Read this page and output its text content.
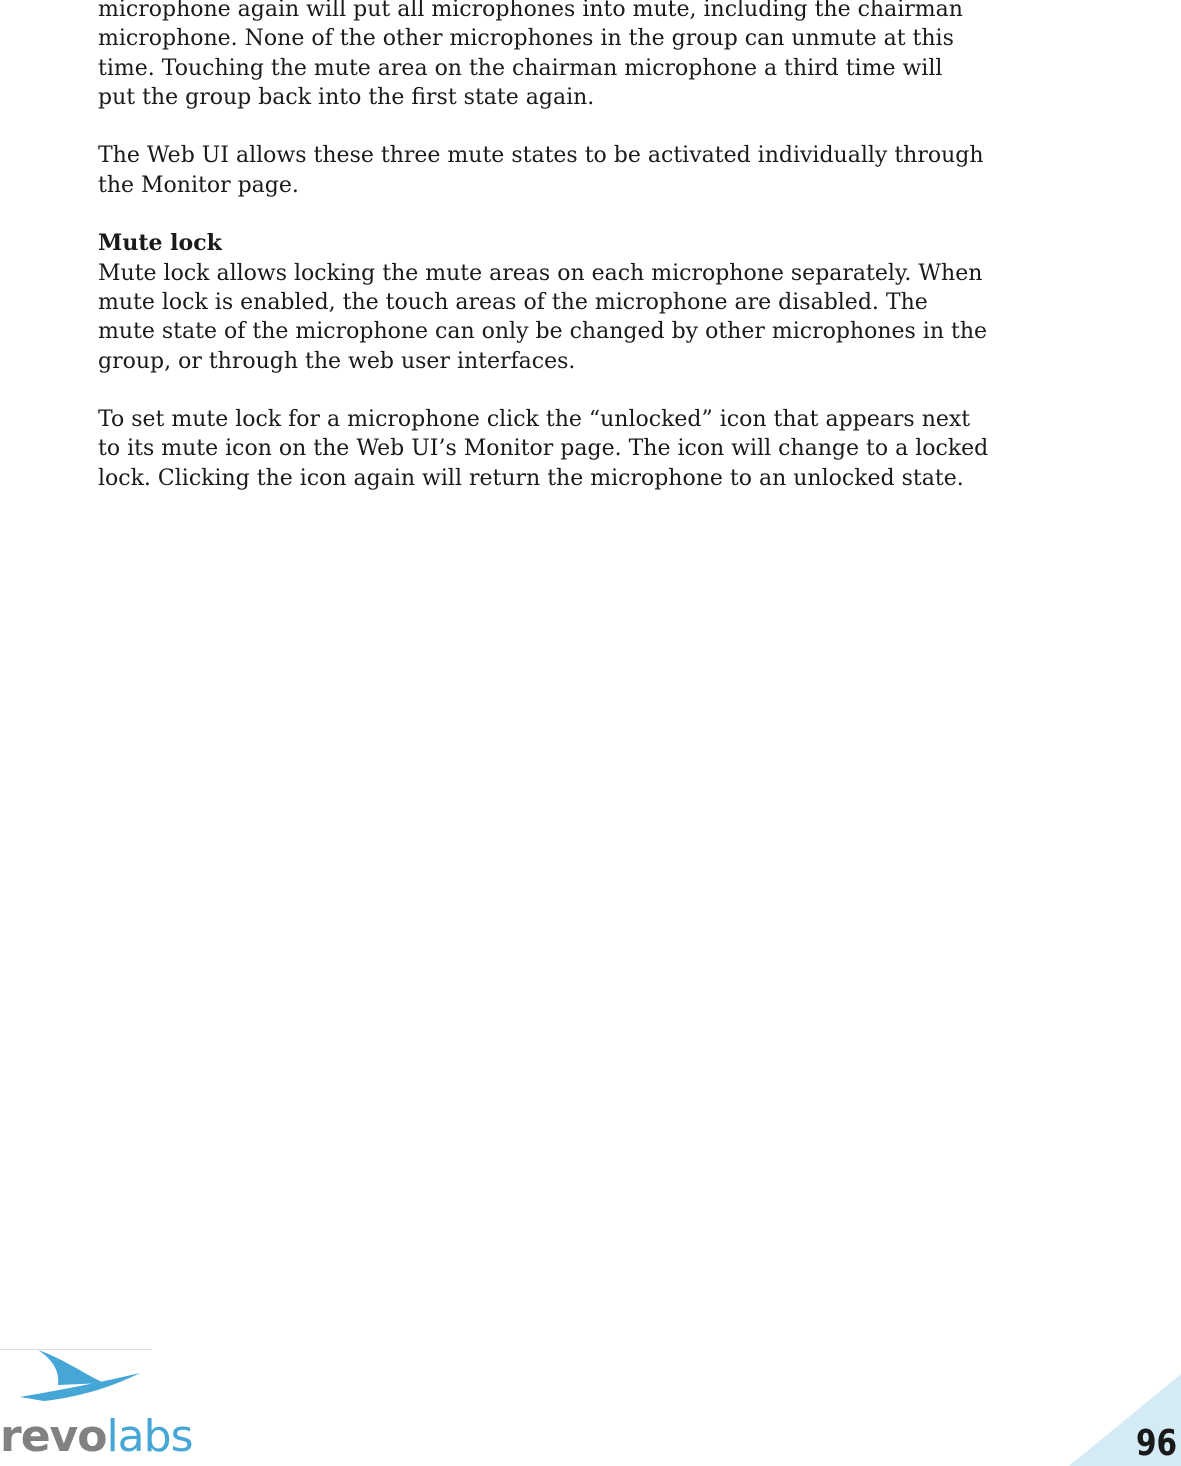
microphone again will put all microphones into mute, including the chairman
microphone. None of the other microphones in the group can unmute at this
time. Touching the mute area on the chairman microphone a third time will
put the group back into the first state again.

The Web UI allows these three mute states to be activated individually through
the Monitor page.

Mute lock
Mute lock allows locking the mute areas on each microphone separately. When
mute lock is enabled, the touch areas of the microphone are disabled. The
mute state of the microphone can only be changed by other microphones in the
group, or through the web user interfaces.

To set mute lock for a microphone click the “unlocked” icon that appears next
to its mute icon on the Web UI’s Monitor page. The icon will change to a locked
lock. Clicking the icon again will return the microphone to an unlocked state.

revolabs	96
